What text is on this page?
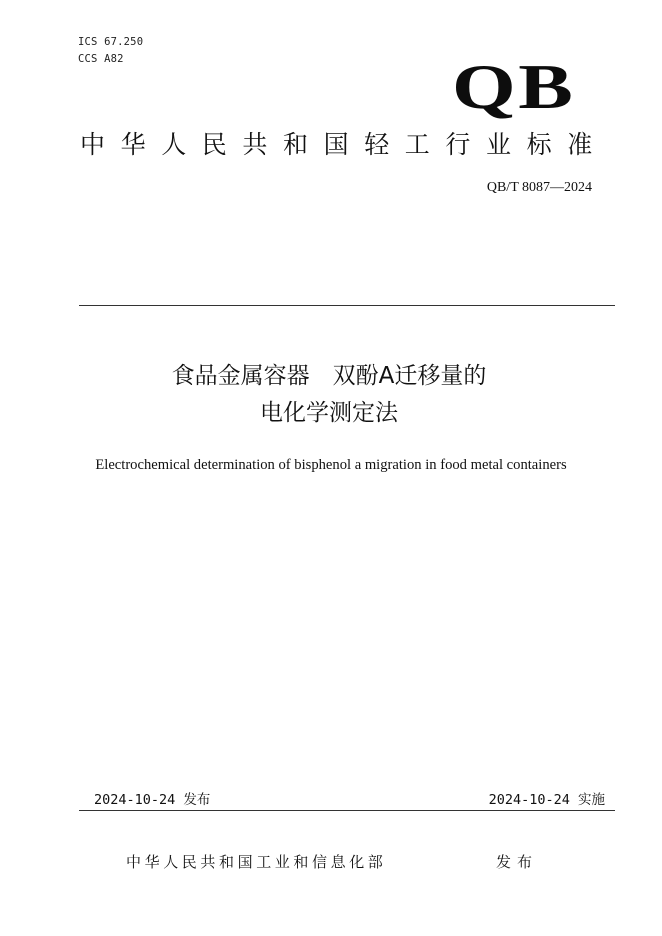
ICS 67.250
CCS A82	QB
中华人民共和国轻工行业标准
QB/T 8087—2024
食品金属容器　双酚A迁移量的
电化学测定法
Electrochemical determination of bisphenol a migration in food metal containers
2024-10-24 发布	2024-10-24 实施
中华人民共和国工业和信息化部	发布
